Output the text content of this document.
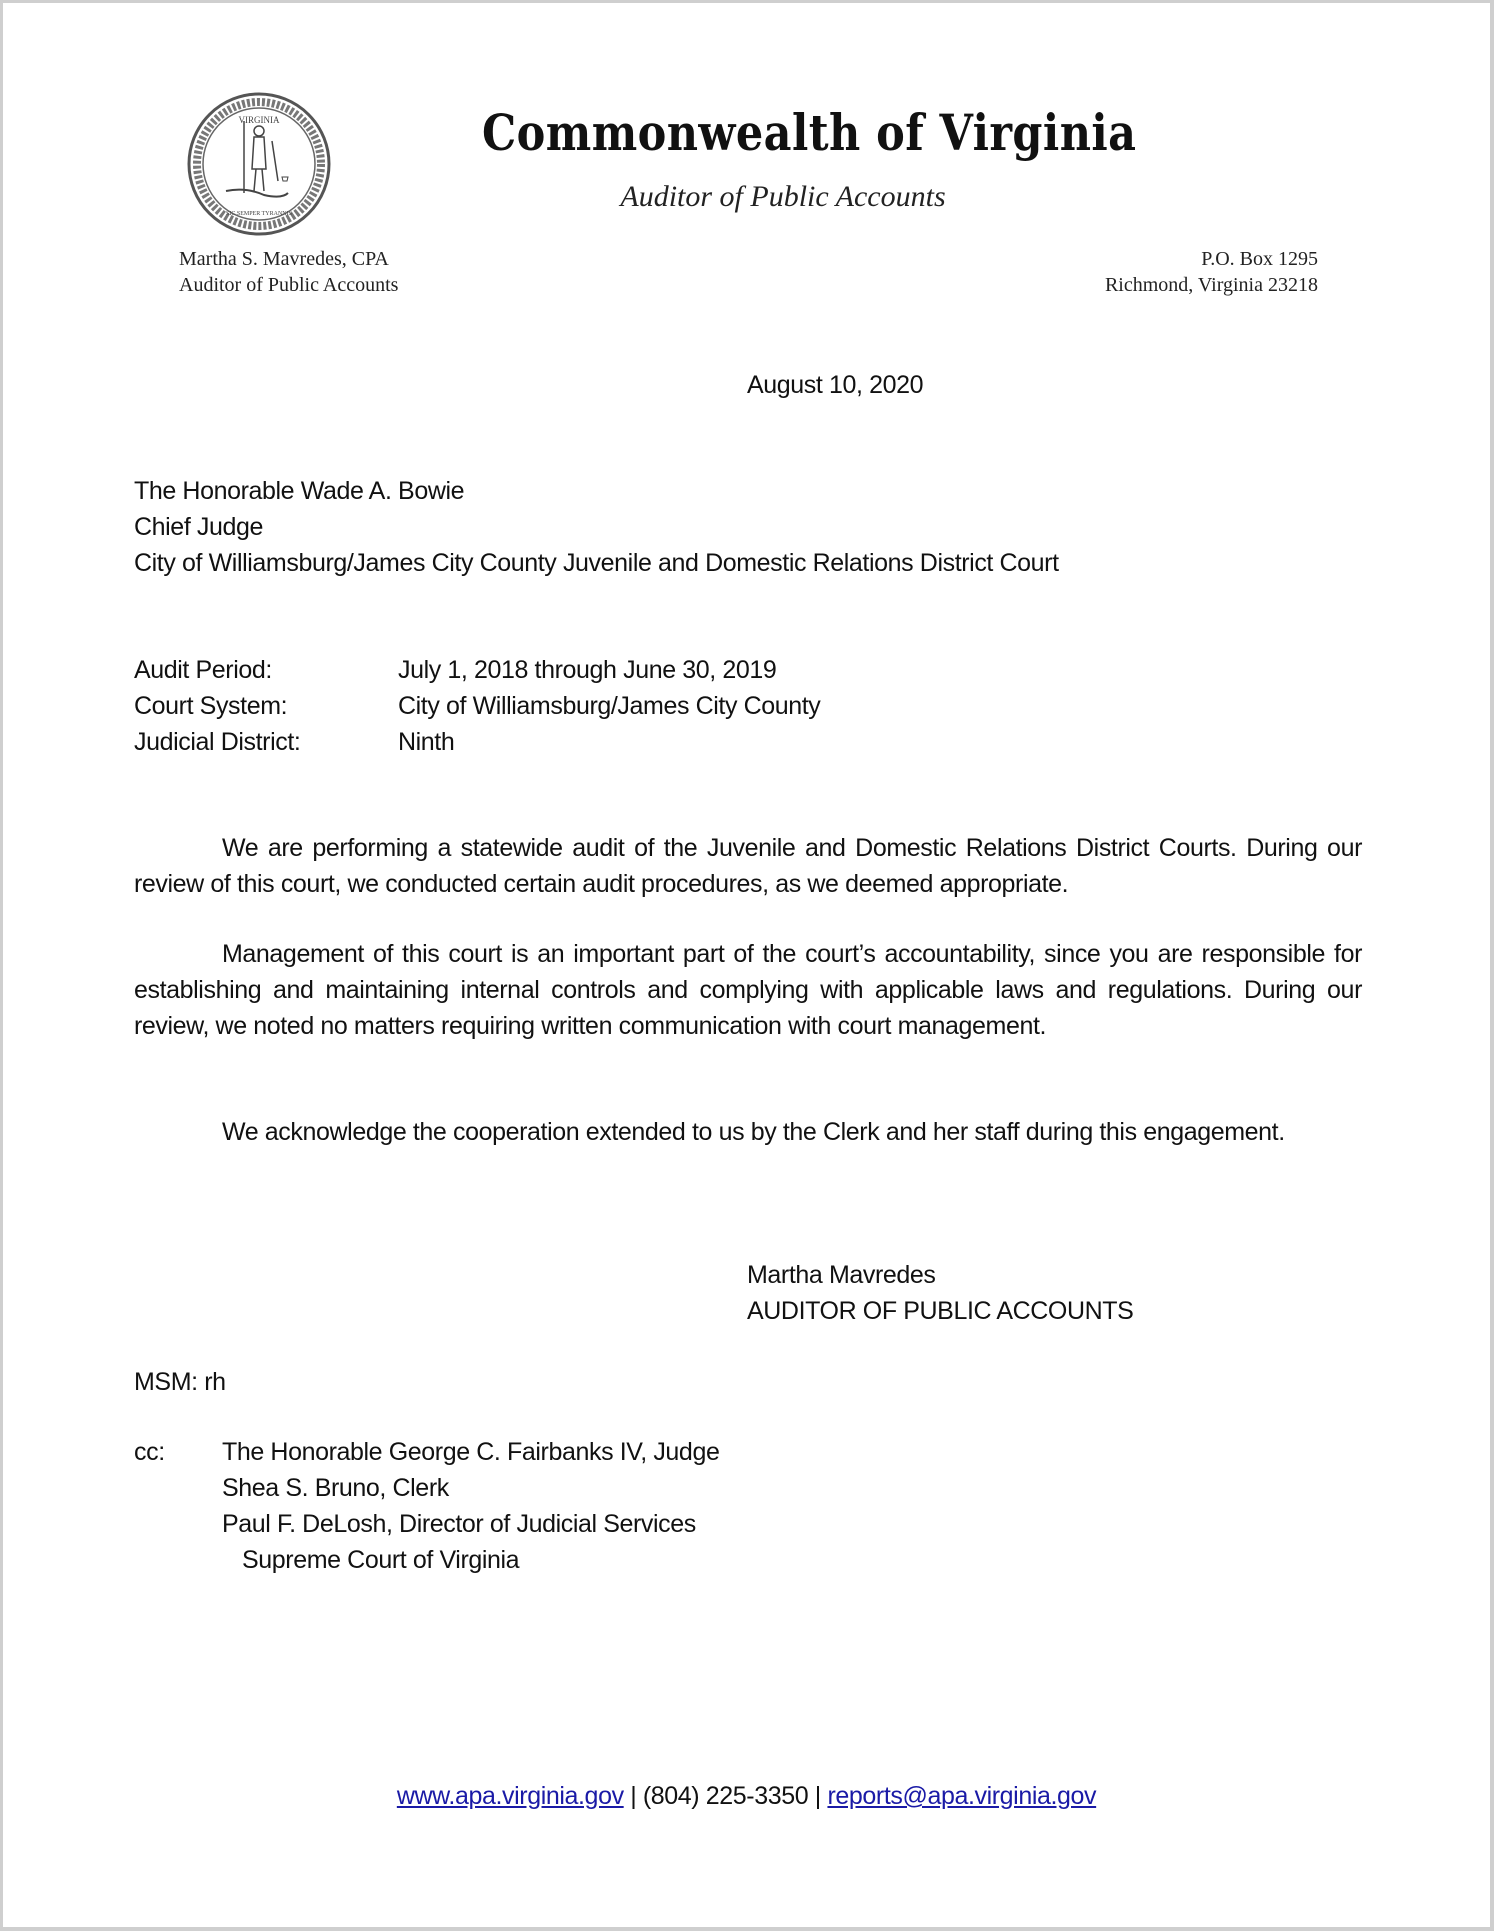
VIRGINIA
SIC SEMPER TYRANNIS
Commonwealth of Virginia
Auditor of Public Accounts
Martha S. Mavredes, CPA
Auditor of Public Accounts
P.O. Box 1295
Richmond, Virginia 23218
August 10, 2020
The Honorable Wade A. Bowie
Chief Judge
City of Williamsburg/James City County Juvenile and Domestic Relations District Court
Audit Period:	July 1, 2018 through June 30, 2019
Court System:	City of Williamsburg/James City County
Judicial District:	Ninth
We are performing a statewide audit of the Juvenile and Domestic Relations District Courts. During our review of this court, we conducted certain audit procedures, as we deemed appropriate.
Management of this court is an important part of the court’s accountability, since you are responsible for establishing and maintaining internal controls and complying with applicable laws and regulations. During our review, we noted no matters requiring written communication with court management.
We acknowledge the cooperation extended to us by the Clerk and her staff during this engagement.
Martha Mavredes
AUDITOR OF PUBLIC ACCOUNTS
MSM: rh
cc:	The Honorable George C. Fairbanks IV, Judge
Shea S. Bruno, Clerk
Paul F. DeLosh, Director of Judicial Services
Supreme Court of Virginia
www.apa.virginia.gov | (804) 225-3350 | reports@apa.virginia.gov
